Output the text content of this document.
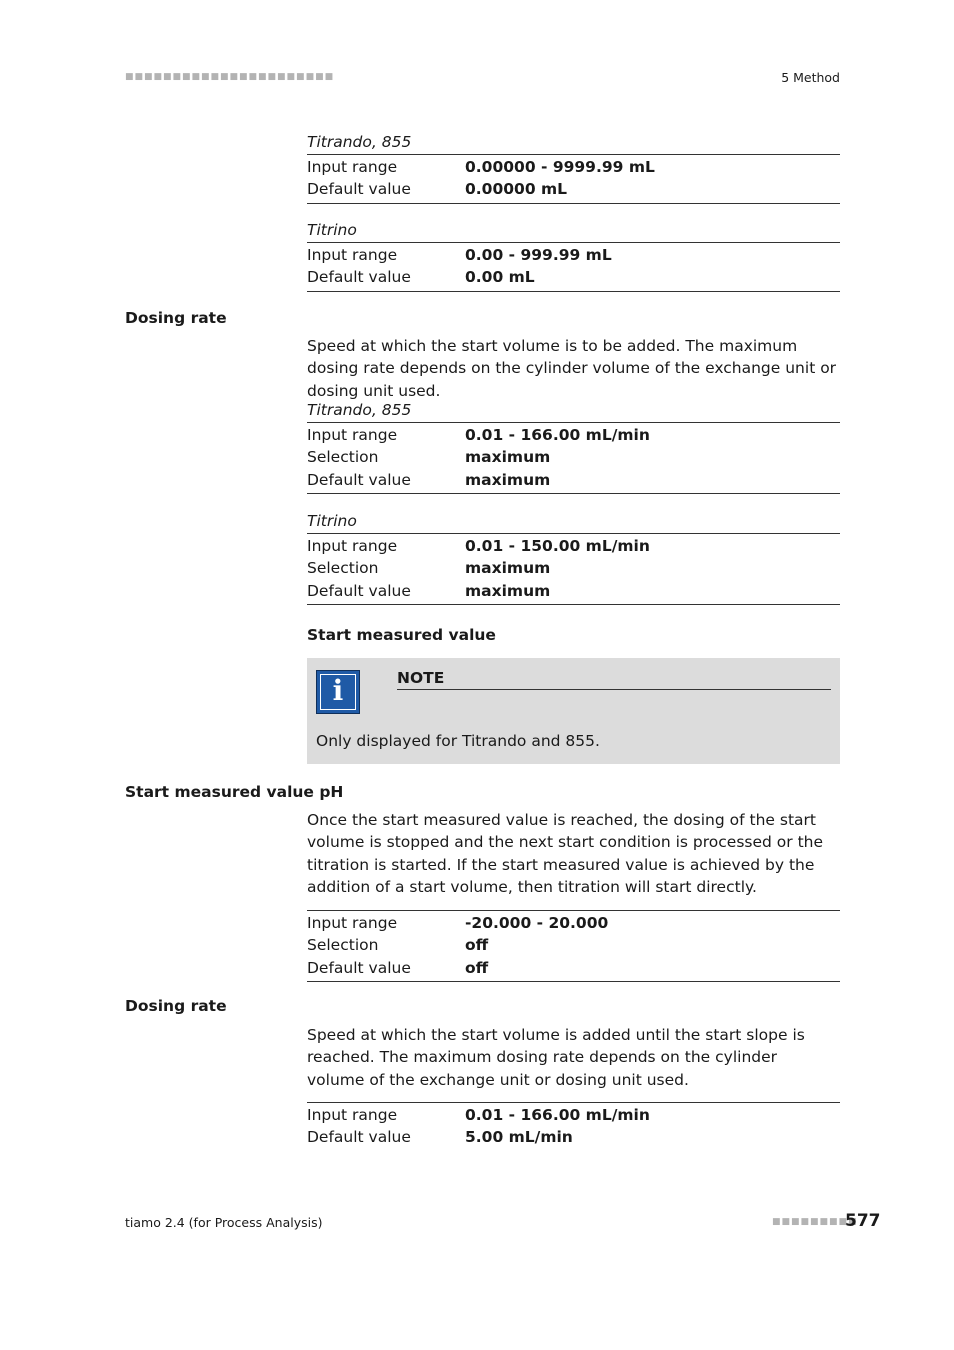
■■■■■■■■■■■■■■■■■■■■■■	5 Method
Titrando, 855
Input range	0.00000 - 9999.99 mL
Default value	0.00000 mL
Titrino
Input range	0.00 - 999.99 mL
Default value	0.00 mL
Dosing rate
Speed at which the start volume is to be added. The maximum dosing rate depends on the cylinder volume of the exchange unit or dosing unit used.
Titrando, 855
Input range	0.01 - 166.00 mL/min
Selection	maximum
Default value	maximum
Titrino
Input range	0.01 - 150.00 mL/min
Selection	maximum
Default value	maximum
Start measured value
i	NOTE
Only displayed for Titrando and 855.
Start measured value pH
Once the start measured value is reached, the dosing of the start volume is stopped and the next start condition is processed or the titration is started. If the start measured value is achieved by the addition of a start volume, then titration will start directly.
Input range	-20.000 - 20.000
Selection	off
Default value	off
Dosing rate
Speed at which the start volume is added until the start slope is reached. The maximum dosing rate depends on the cylinder volume of the exchange unit or dosing unit used.
Input range	0.01 - 166.00 mL/min
Default value	5.00 mL/min
tiamo 2.4 (for Process Analysis)	■■■■■■■■■
577
